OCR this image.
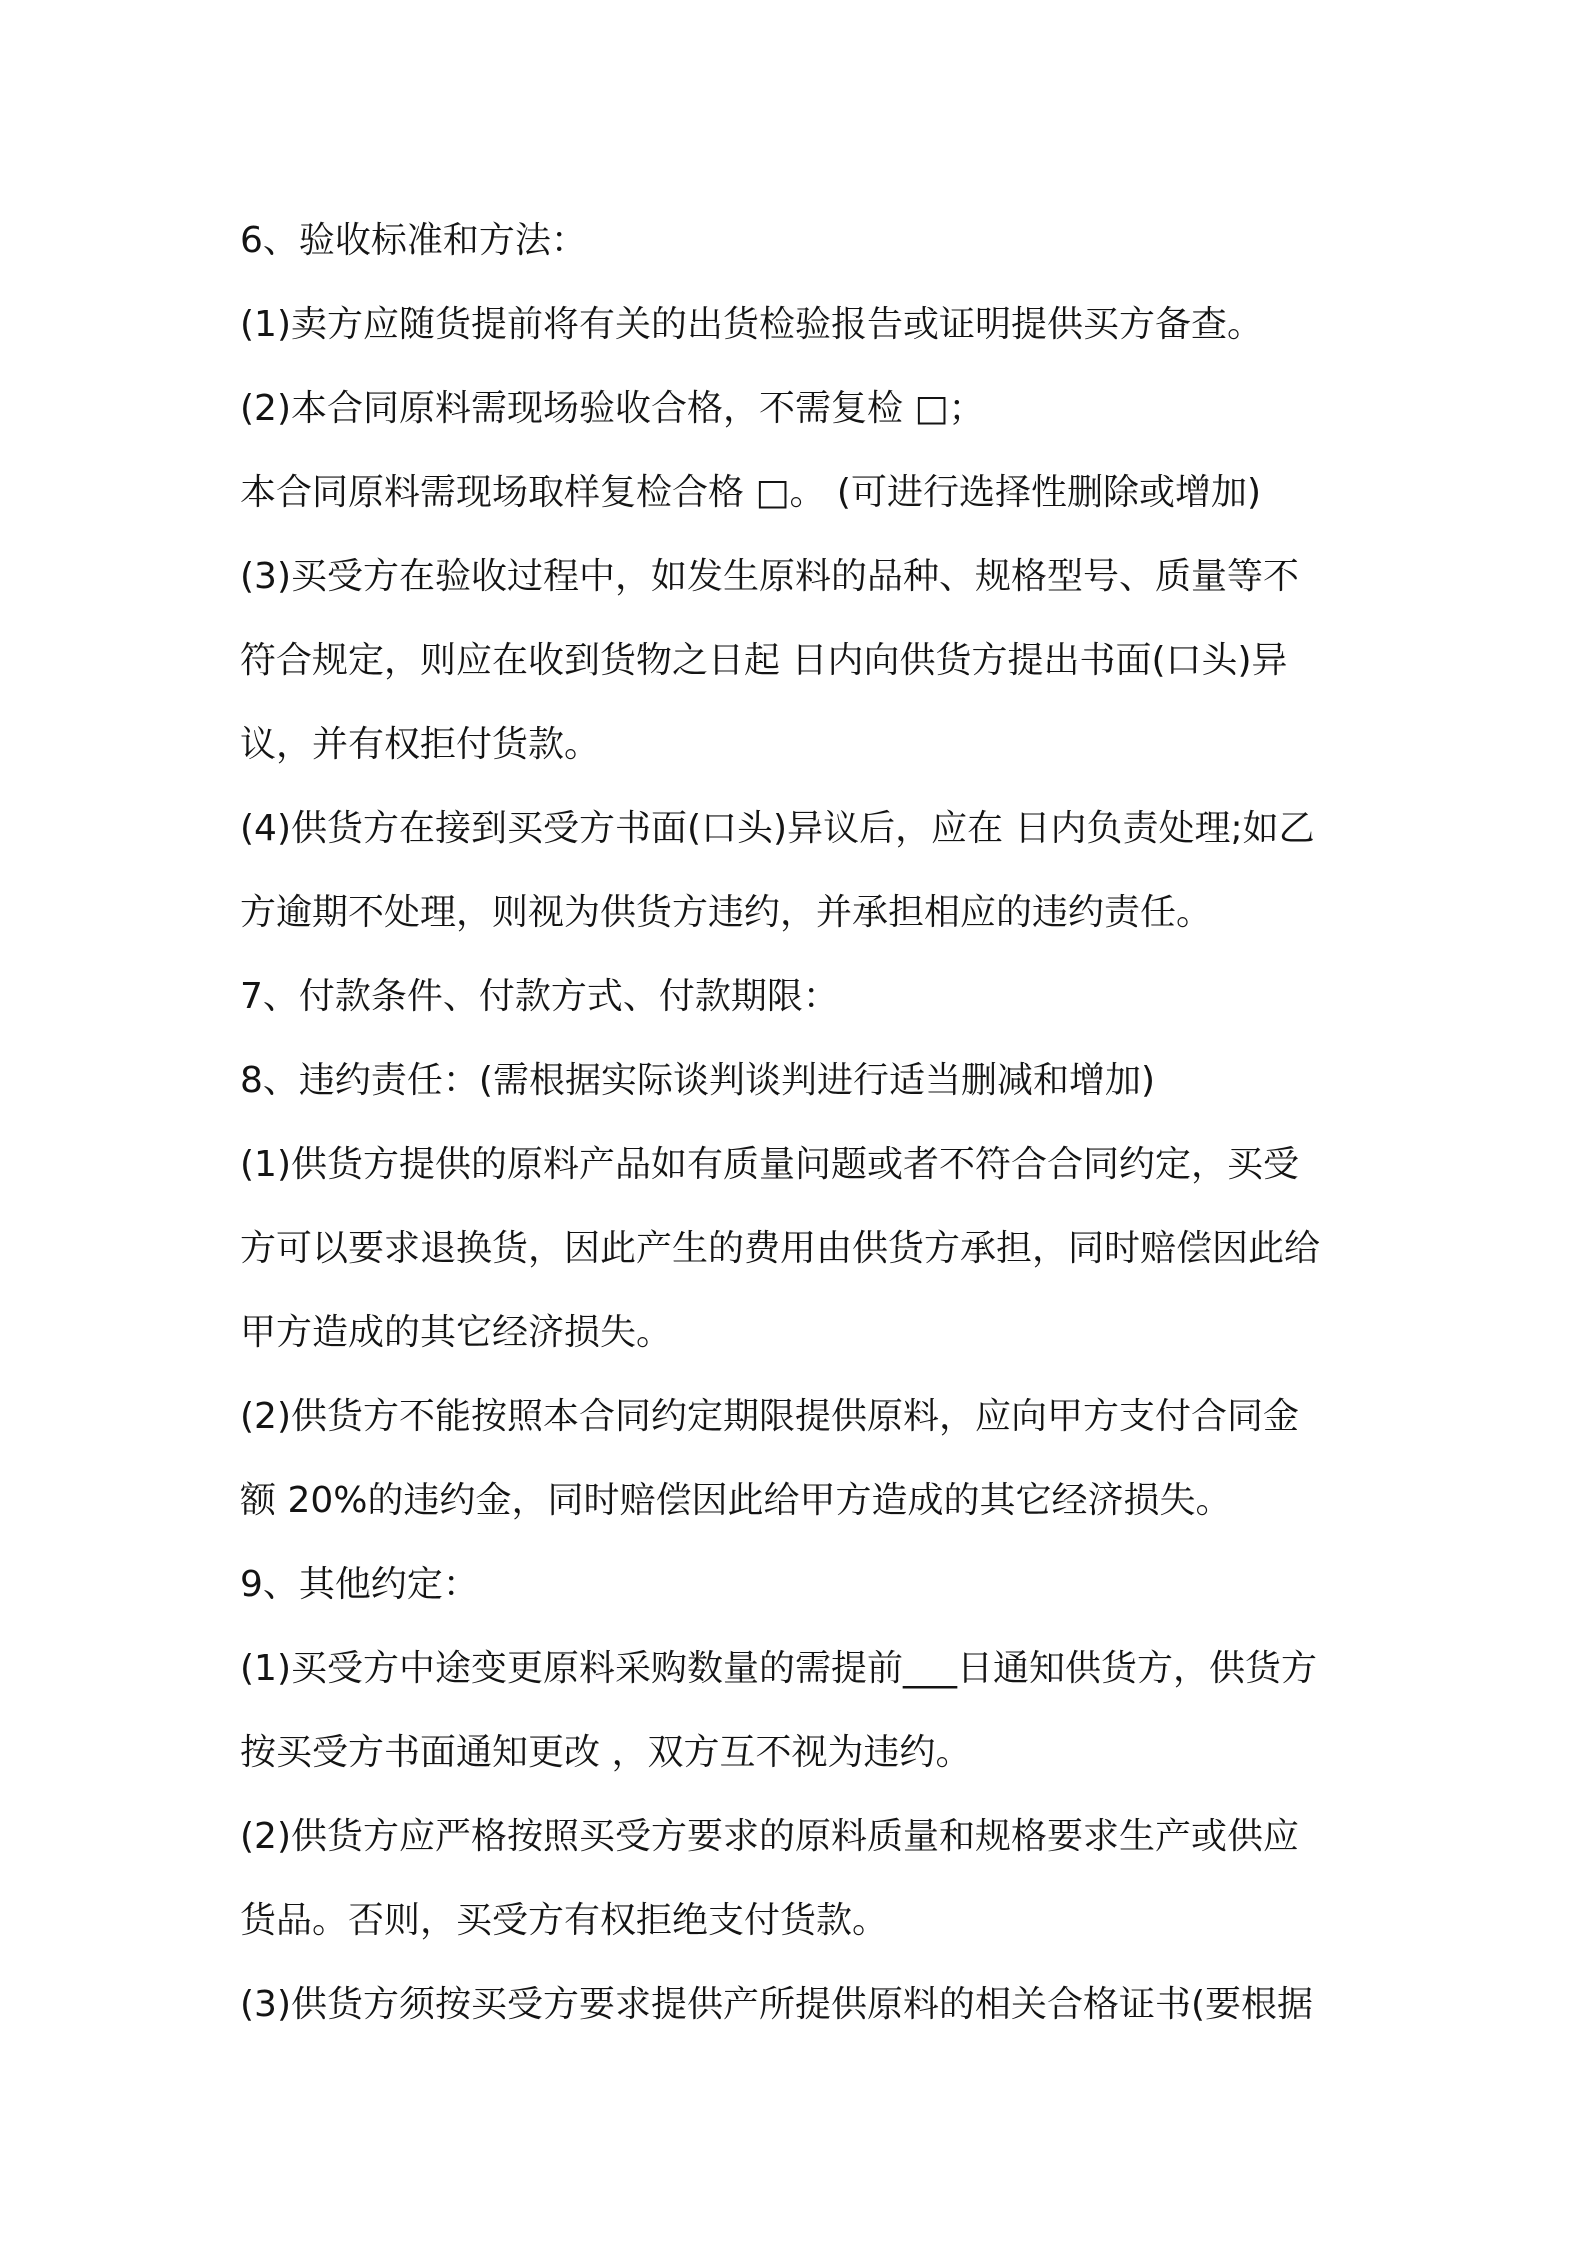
6、验收标准和方法：
(1)卖方应随货提前将有关的出货检验报告或证明提供买方备查。
(2)本合同原料需现场验收合格，不需复检 □；
本合同原料需现场取样复检合格 □。 (可进行选择性删除或增加)
(3)买受方在验收过程中，如发生原料的品种、规格型号、质量等不
符合规定，则应在收到货物之日起 日内向供货方提出书面(口头)异
议，并有权拒付货款。
(4)供货方在接到买受方书面(口头)异议后，应在 日内负责处理;如乙
方逾期不处理，则视为供货方违约，并承担相应的违约责任。
7、付款条件、付款方式、付款期限：
8、违约责任：(需根据实际谈判谈判进行适当删减和增加)
(1)供货方提供的原料产品如有质量问题或者不符合合同约定，买受
方可以要求退换货，因此产生的费用由供货方承担，同时赔偿因此给
甲方造成的其它经济损失。
(2)供货方不能按照本合同约定期限提供原料，应向甲方支付合同金
额 20%的违约金，同时赔偿因此给甲方造成的其它经济损失。
9、其他约定：
(1)买受方中途变更原料采购数量的需提前___日通知供货方，供货方
按买受方书面通知更改 ，双方互不视为违约。
(2)供货方应严格按照买受方要求的原料质量和规格要求生产或供应
货品。否则，买受方有权拒绝支付货款。
(3)供货方须按买受方要求提供产所提供原料的相关合格证书(要根据
